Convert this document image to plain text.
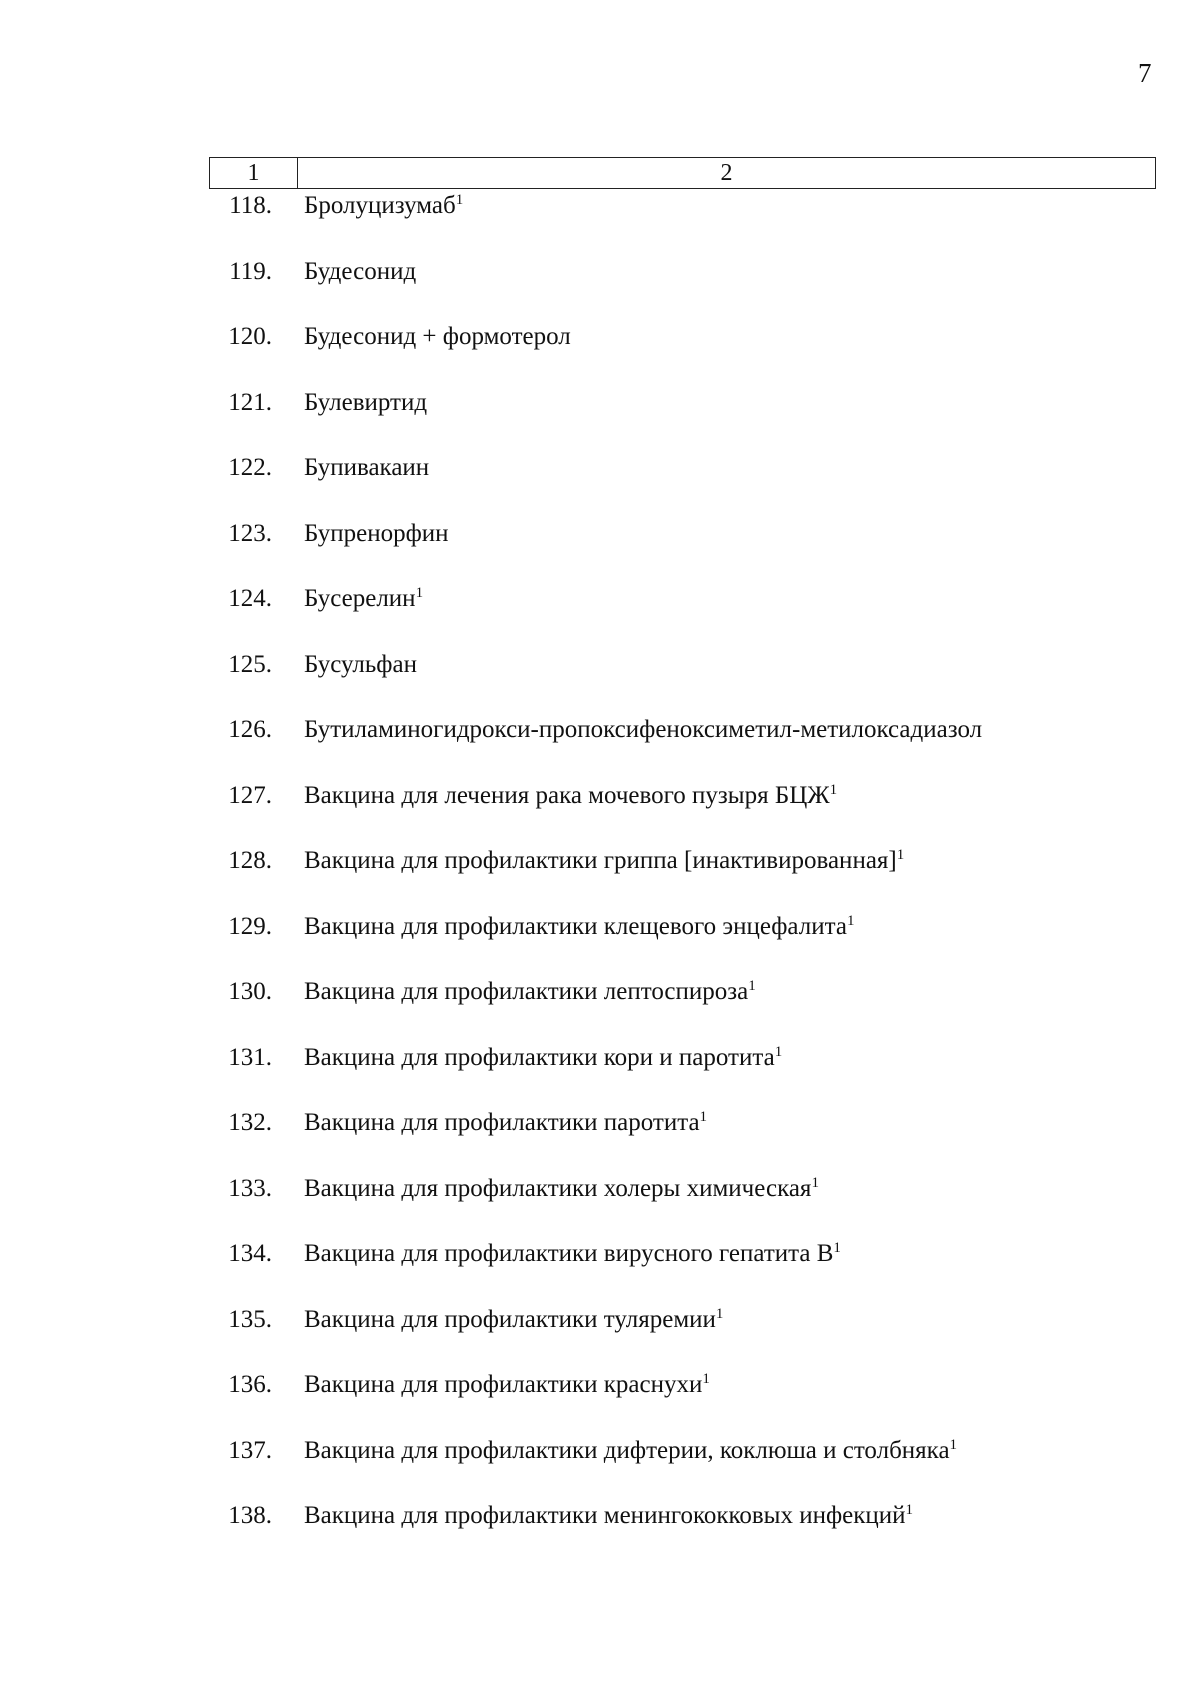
7
1	2
118.	Бролуцизумаб$^1$
119.	Будесонид
120.	Будесонид + формотерол
121.	Булевиртид
122.	Бупивакаин
123.	Бупренорфин
124.	Бусерелин$^1$
125.	Бусульфан
126.	Бутиламиногидрокси-пропоксифеноксиметил-метилоксадиазол
127.	Вакцина для лечения рака мочевого пузыря БЦЖ$^1$
128.	Вакцина для профилактики гриппа [инактивированная]$^1$
129.	Вакцина для профилактики клещевого энцефалита$^1$
130.	Вакцина для профилактики лептоспироза$^1$
131.	Вакцина для профилактики кори и паротита$^1$
132.	Вакцина для профилактики паротита$^1$
133.	Вакцина для профилактики холеры химическая$^1$
134.	Вакцина для профилактики вирусного гепатита $В^1$
135.	Вакцина для профилактики туляремии$^1$
136.	Вакцина для профилактики краснухи$^1$
137.	Вакцина для профилактики дифтерии, коклюша и столбняка$^1$
138.	Вакцина для профилактики менингококковых инфекций$^1$
